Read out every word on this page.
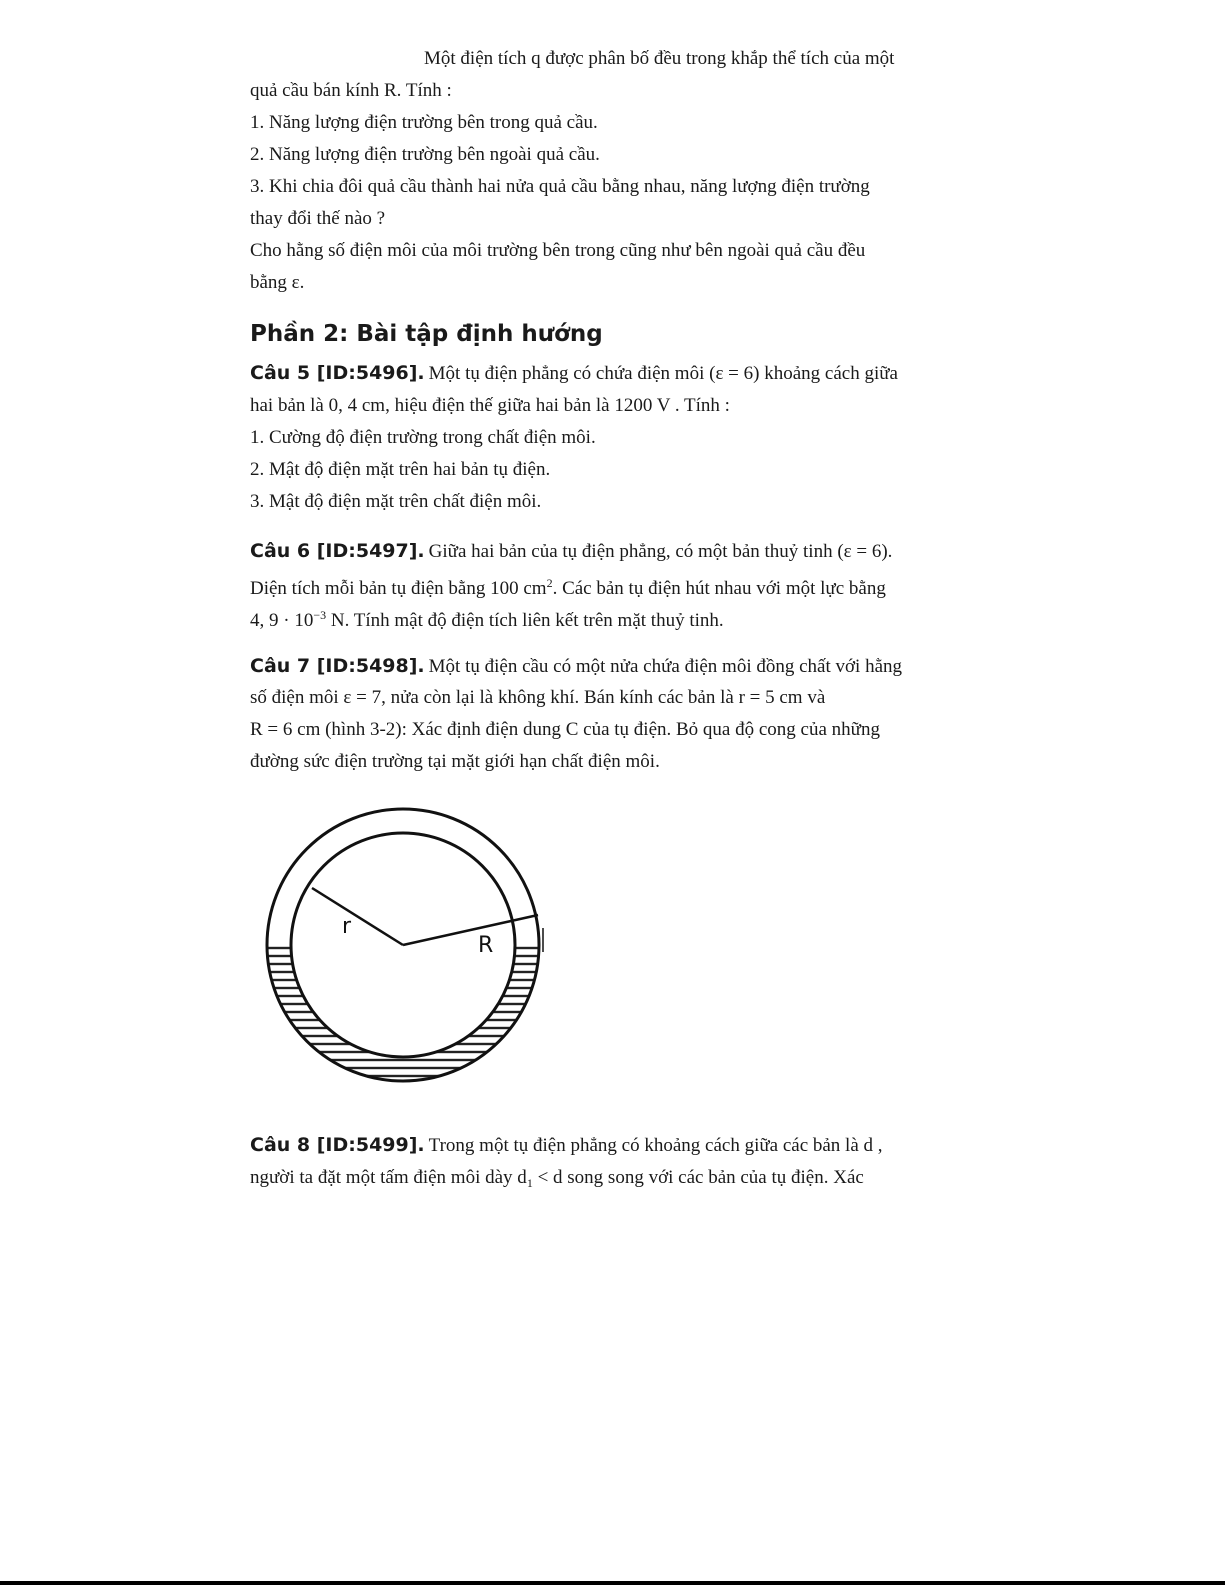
Một điện tích q được phân bố đều trong khắp thể tích của một

quả cầu bán kính R. Tính :

1. Năng lượng điện trường bên trong quả cầu.

2. Năng lượng điện trường bên ngoài quả cầu.

3. Khi chia đôi quả cầu thành hai nửa quả cầu bằng nhau, năng lượng điện trường

thay đổi thế nào ?

Cho hằng số điện môi của môi trường bên trong cũng như bên ngoài quả cầu đều

bằng ε.

Phần 2: Bài tập định hướng

Câu 5 [ID:5496]. Một tụ điện phẳng có chứa điện môi (ε = 6) khoảng cách giữa

hai bản là 0, 4 cm, hiệu điện thế giữa hai bản là 1200 V . Tính :

1. Cường độ điện trường trong chất điện môi.

2. Mật độ điện mặt trên hai bản tụ điện.

3. Mật độ điện mặt trên chất điện môi.

Câu 6 [ID:5497]. Giữa hai bản của tụ điện phẳng, có một bản thuỷ tinh (ε = 6).

Diện tích mỗi bản tụ điện bằng 100 $cm^2$. Các bản tụ điện hút nhau với một lực bằng

4, $9 \cdot 10^{-3}$ N. Tính mật độ điện tích liên kết trên mặt thuỷ tinh.

Câu 7 [ID:5498]. Một tụ điện cầu có một nửa chứa điện môi đồng chất với hằng

số điện môi ε = 7, nửa còn lại là không khí. Bán kính các bản là r = 5 cm và

R = 6 cm (hình 3-2): Xác định điện dung C của tụ điện. Bỏ qua độ cong của những

đường sức điện trường tại mặt giới hạn chất điện môi.

r
R

Câu 8 [ID:5499]. Trong một tụ điện phẳng có khoảng cách giữa các bản là d ,

người ta đặt một tấm điện môi dày $d_1 < d$ song song với các bản của tụ điện. Xác
